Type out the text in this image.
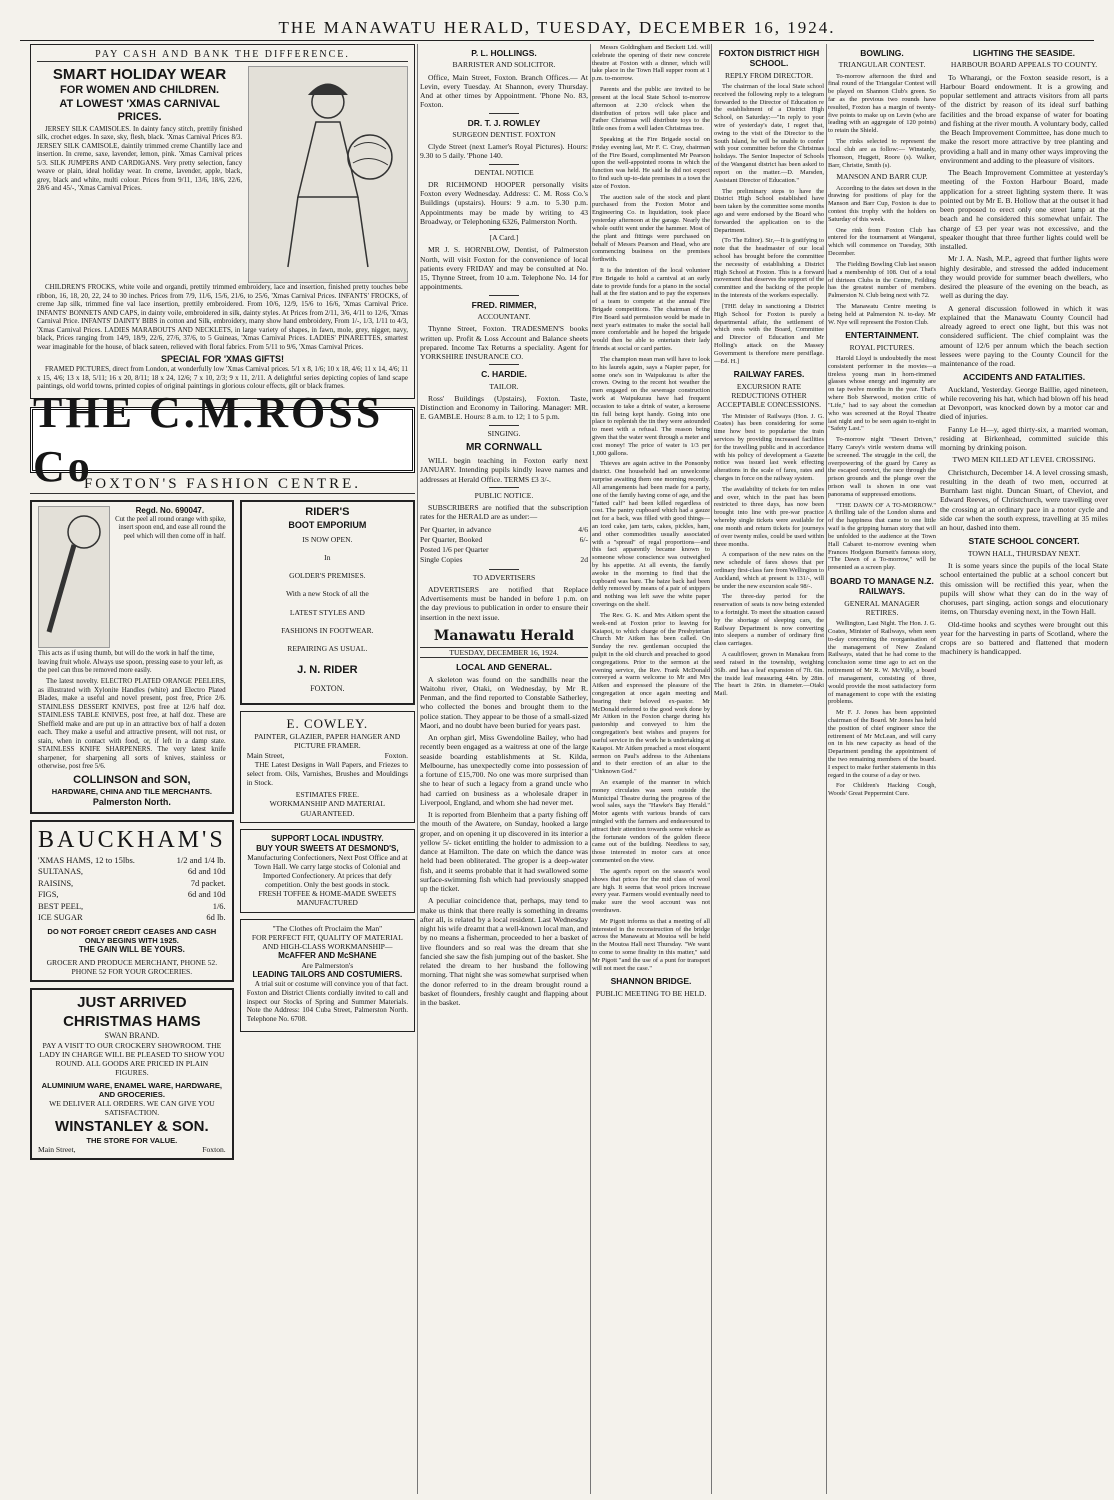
THE MANAWATU HERALD, TUESDAY, DECEMBER 16, 1924.
PAY CASH AND BANK THE DIFFERENCE.
SMART HOLIDAY WEAR
FOR WOMEN AND CHILDREN.
AT LOWEST 'XMAS CARNIVAL PRICES.

JERSEY SILK CAMISOLES. In dainty fancy stitch, prettily finished silk, crochet edges. In saxe, sky, flesh, black. 'Xmas Carnival Prices 8/3. JERSEY SILK CAMISOLE, daintily trimmed creme Chantilly lace and insertion. In creme, saxe, lavender, lemon, pink. 'Xmas Carnival prices 5/3. SILK JUMPERS AND CARDIGANS. Very pretty selection, fancy weave or plain, ideal holiday wear. In creme, lavender, apple, black, grey, black and white, multi colour. Prices from 9/11, 13/6, 18/6, 22/6, 28/6 and 45/-, 'Xmas Carnival Prices.

CHILDREN'S FROCKS, white voile and organdi, prettily trimmed embroidery, lace and insertion, finished pretty touches bebe ribbon, 16, 18, 20, 22, 24 to 30 inches. Prices from 7/9, 11/6, 15/6, 21/6, to 25/6, 'Xmas Carnival Prices. INFANTS' FROCKS, of creme Jap silk, trimmed fine val lace insertion, prettily embroidered. From 10/6, 12/9, 15/6 to 16/6, 'Xmas Carnival Price. INFANTS' BONNETS AND CAPS, in dainty voile, embroidered in silk, dainty styles. At Prices from 2/11, 3/6, 4/11 to 12/6, 'Xmas Carnival Price. INFANTS' DAINTY BIBS in cotton and Silk, embroidery, many show hand embroidery, From 1/-, 1/3, 1/11 to 4/3, 'Xmas Carnival Prices. LADIES MARABOUTS AND NECKLETS, in large variety of shapes, in fawn, mole, grey, nigger, navy, black, Prices ranging from 14/9, 18/9, 22/6, 27/6, 37/6, to 5 Guineas, 'Xmas Carnival Prices. LADIES' PINARETTES, smartest wear imaginable for the house, of black sateen, relieved with floral fabrics. From 5/11 to 9/6, 'Xmas Carnival Prices.

SPECIAL FOR 'XMAS GIFTS!

FRAMED PICTURES, direct from London, at wonderfully low 'Xmas Carnival prices. 5/1 x 8, 1/6; 10 x 18, 4/6; 11 x 14, 4/6; 11 x 15, 4/6; 13 x 18, 5/11; 16 x 20, 8/11; 18 x 24, 12/6; 7 x 10, 2/3; 9 x 11, 2/11. A delightful series depicting copies of land scape paintings, old world towns, printed copies of original paintings in glorious colour effects, gilt or black frames.

THE C.M.ROSS Co
FOXTON'S FASHION CENTRE.
Regd. No. 690047.
Cut the peel all round orange with spike, insert spoon end, and ease all round the peel which will then come off in half.
This acts as if using thumb, but will do the work in half the time, leaving fruit whole. Always use spoon, pressing ease to your left, as the peel can thus be removed more easily.

The latest novelty. ELECTRO PLATED ORANGE PEELERS, as illustrated with Xylonite Handles (white) and Electro Plated Blades, make a useful and novel present, post free, Price 2/6. STAINLESS DESSERT KNIVES, post free at 12/6 half doz. STAINLESS TABLE KNIVES, post free, at half doz. These are Sheffield make and are put up in an attractive box of half a dozen each. They make a useful and attractive present, will not rust, or stain, when in contact with food, or, if left in a damp state. STAINLESS KNIFE SHARPENERS. The very latest knife sharpener, for sharpening all sorts of knives, stainless or otherwise, post free 5/6.

COLLINSON and SON,
HARDWARE, CHINA AND TILE MERCHANTS.
Palmerston North.
BAUCKHAM'S
'XMAS HAMS, 12 to 15lbs.	1/2 and 1/4 lb.
SULTANAS,	6d and 10d
RAISINS,	7d packet.
FIGS,	6d and 10d
BEST PEEL,	1/6.
ICE SUGAR	6d lb.
DO NOT FORGET CREDIT CEASES AND CASH ONLY BEGINS WITH 1925.
THE GAIN WILL BE YOURS.
GROCER AND PRODUCE MERCHANT, PHONE 52. PHONE 52 FOR YOUR GROCERIES.
JUST ARRIVED
CHRISTMAS HAMS
SWAN BRAND.
PAY A VISIT TO OUR CROCKERY SHOWROOM. THE LADY IN CHARGE WILL BE PLEASED TO SHOW YOU ROUND. ALL GOODS ARE PRICED IN PLAIN FIGURES.
ALUMINIUM WARE, ENAMEL WARE, HARDWARE, AND GROCERIES.
WE DELIVER ALL ORDERS. WE CAN GIVE YOU SATISFACTION.
WINSTANLEY & SON.
THE STORE FOR VALUE.
Main Street,	Foxton.
RIDER'S
BOOT EMPORIUM
IS NOW OPEN.
In
GOLDER'S PREMISES.
With a new Stock of all the
LATEST STYLES AND
FASHIONS IN FOOTWEAR.
REPAIRING AS USUAL.
J. N. RIDER
FOXTON.
E. COWLEY.
PAINTER, GLAZIER, PAPER HANGER AND PICTURE FRAMER.
Main Street,	Foxton.

THE Latest Designs in Wall Papers, and Friezes to select from. Oils, Varnishes, Brushes and Mouldings in Stock.

ESTIMATES FREE.
WORKMANSHIP AND MATERIAL GUARANTEED.
SUPPORT LOCAL INDUSTRY.
BUY YOUR SWEETS AT DESMOND'S,
Manufacturing Confectioners, Next Post Office and at Town Hall. We carry large stocks of Colonial and Imported Confectionery. At prices that defy competition. Only the best goods in stock.
FRESH TOFFEE & HOME-MADE SWEETS MANUFACTURED
"The Clothes oft Proclaim the Man"
FOR PERFECT FIT, QUALITY OF MATERIAL AND HIGH-CLASS WORKMANSHIP—
McAFFER AND McSHANE
Are Palmerston's
LEADING TAILORS AND COSTUMIERS.

A trial suit or costume will convince you of that fact. Foxton and District Clients cordially invited to call and inspect our Stocks of Spring and Summer Materials. Note the Address: 104 Cuba Street, Palmerston North. Telephone No. 6708.

P. L. HOLLINGS.
BARRISTER AND SOLICITOR.

Office, Main Street, Foxton. Branch Offices.— At Levin, every Tuesday. At Shannon, every Thursday. And at other times by Appointment. 'Phone No. 83, Foxton.

DR. T. J. ROWLEY
SURGEON DENTIST. FOXTON

Clyde Street (next Lamer's Royal Pictures). Hours: 9.30 to 5 daily. 'Phone 140.

DENTAL NOTICE

DR RICHMOND HOOPER personally visits Foxton every Wednesday. Address: C. M. Ross Co.'s Buildings (upstairs). Hours: 9 a.m. to 5.30 p.m. Appointments may be made by writing to 43 Broadway, or Telephoning 6326, Palmerston North.

[A Card.]

MR J. S. HORNBLOW, Dentist, of Palmerston North, will visit Foxton for the convenience of local patients every FRIDAY and may be consulted at No. 15, Thynne Street, from 10 a.m. Telephone No. 14 for appointments.

FRED. RIMMER,
ACCOUNTANT.

Thynne Street, Foxton. TRADESMEN'S books written up. Profit & Loss Account and Balance sheets prepared. Income Tax Returns a speciality. Agent for YORKSHIRE INSURANCE CO.

C. HARDIE.
TAILOR.

Ross' Buildings (Upstairs), Foxton. Taste, Distinction and Economy in Tailoring. Manager: MR. E. GAMBLE. Hours: 8 a.m. to 12; 1 to 5 p.m.

SINGING.
MR CORNWALL

WILL begin teaching in Foxton early next JANUARY. Intending pupils kindly leave names and addresses at Herald Office. TERMS £3 3/-.

PUBLIC NOTICE.

SUBSCRIBERS are notified that the subscription rates for the HERALD are as under:—

Per Quarter, in advance	4/6
Per Quarter, Booked	6/-
Posted 1/6 per Quarter
Single Copies	2d
TO ADVERTISERS

ADVERTISERS are notified that Replace Advertisements must be handed in before 1 p.m. on the day previous to publication in order to ensure their insertion in the next issue.

Manawatu Herald
TUESDAY, DECEMBER 16, 1924.
LOCAL AND GENERAL.

A skeleton was found on the sandhills near the Waitohu river, Otaki, on Wednesday, by Mr R. Penman, and the find reported to Constable Satherley, who collected the bones and brought them to the police station. They appear to be those of a small-sized Maori, and no doubt have been buried for years past.

An orphan girl, Miss Gwendoline Bailey, who had recently been engaged as a waitress at one of the large seaside boarding establishments at St. Kilda, Melbourne, has unexpectedly come into possession of a fortune of £15,700. No one was more surprised than she to hear of such a legacy from a grand uncle who had carried on business as a wholesale draper in Liverpool, England, and whom she had never met.

It is reported from Blenheim that a party fishing off the mouth of the Awatere, on Sunday, hooked a large groper, and on opening it up discovered in its interior a yellow 5/- ticket entitling the holder to admission to a dance at Hamilton. The date on which the dance was held had been obliterated. The groper is a deep-water fish, and it seems probable that it had swallowed some surface-swimming fish which had previously snapped up the ticket.

A peculiar coincidence that, perhaps, may tend to make us think that there really is something in dreams after all, is related by a local resident. Last Wednesday night his wife dreamt that a well-known local man, and by no means a fisherman, proceeded to her a basket of live flounders and so real was the dream that she fancied she saw the fish jumping out of the basket. She related the dream to her husband the following morning. That night she was somewhat surprised when the donor referred to in the dream brought round a basket of flounders, freshly caught and flapping about in the basket.

LIGHTING THE SEASIDE.
HARBOUR BOARD APPEALS TO COUNTY.

To Wharangi, or the Foxton seaside resort, is a Harbour Board endowment. It is a growing and popular settlement and attracts visitors from all parts of the district by reason of its ideal surf bathing facilities and the broad expanse of water for boating and fishing at the river mouth. A voluntary body, called the Beach Improvement Committee, has done much to make the resort more attractive by tree planting and providing a hall and in many other ways improving the environment and adding to the pleasure of visitors.

The Beach Improvement Committee at yesterday's meeting of the Foxton Harbour Board, made application for a street lighting system there. It was pointed out by Mr E. B. Hollow that at the outset it had been proposed to erect only one street lamp at the beach and he considered this somewhat unfair. The charge of £3 per year was not excessive, and the speaker thought that three further lights could well be installed.

Mr J. A. Nash, M.P., agreed that further lights were highly desirable, and stressed the added inducement they would provide for summer beach dwellers, who desired the pleasure of the evening on the beach, as well as during the day.

A general discussion followed in which it was explained that the Manawatu County Council had already agreed to erect one light, but this was not considered sufficient. The chief complaint was the amount of 12/6 per annum which the beach section lessees were paying to the County Council for the maintenance of the road.

ACCIDENTS AND FATALITIES.

Auckland, Yesterday. George Baillie, aged nineteen, while recovering his hat, which had blown off his head at Devonport, was knocked down by a motor car and died of injuries.

Fanny Le H—y, aged thirty-six, a married woman, residing at Birkenhead, committed suicide this morning by drinking poison.

TWO MEN KILLED AT LEVEL CROSSING.

Christchurch, December 14. A level crossing smash, resulting in the death of two men, occurred at Burnham last night. Duncan Stuart, of Cheviot, and Edward Reeves, of Christchurch, were travelling over the crossing at an ordinary pace in a motor cycle and side car when the south express, travelling at 35 miles an hour, dashed into them.

STATE SCHOOL CONCERT.
TOWN HALL, THURSDAY NEXT.

It is some years since the pupils of the local State school entertained the public at a school concert but this omission will be rectified this year, when the pupils will show what they can do in the way of choruses, part singing, action songs and elocutionary items, on Thursday evening next, in the Town Hall.

Old-time hooks and scythes were brought out this year for the harvesting in parts of Scotland, where the crops are so battered and flattened that modern machinery is handicapped.

Messrs Goldingham and Beckett Ltd. will celebrate the opening of their new concrete theatre at Foxton with a dinner, which will take place in the Town Hall supper room at 1 p.m. to-morrow.

Parents and the public are invited to be present at the local State School to-morrow afternoon at 2.30 o'clock when the distribution of prizes will take place and Father Christmas will distribute toys to the little ones from a well laden Christmas tree.

Speaking at the Fire Brigade social on Friday evening last, Mr F. C. Cray, chairman of the Fire Board, complimented Mr Pearson upon the well-appointed rooms in which the function was held. He said he did not expect to find such up-to-date premises in a town the size of Foxton.

The auction sale of the stock and plant purchased from the Foxton Motor and Engineering Co. in liquidation, took place yesterday afternoon at the garage. Nearly the whole outfit went under the hammer. Most of the plant and fittings were purchased on behalf of Messrs Pearson and Head, who are commencing business on the premises forthwith.

It is the intention of the local volunteer Fire Brigade to hold a carnival at an early date to provide funds for a piano in the social hall at the fire station and to pay the expenses of a team to compete at the annual Fire Brigade competitions. The chairman of the Fire Board said permission would be made in next year's estimates to make the social hall more comfortable and he hoped the brigade would then be able to entertain their lady friends at social or card parties.

The champion mean man will have to look to his laurels again, says a Napier paper, for some one's son in Waipukurau is after the crown. Owing to the recent hot weather the men engaged on the sewerage construction work at Waipukurau have had frequent occasion to take a drink of water, a kerosene tin full being kept handy. Going into one place to replenish the tin they were astounded to meet with a refusal. The reason being given that the water went through a meter and cost money! The price of water is 1/3 per 1,000 gallons.

Thieves are again active in the Ponsonby district. One household had an unwelcome surprise awaiting them one morning recently. All arrangements had been made for a party, one of the family having come of age, and the "fatted calf" had been killed regardless of cost. The pantry cupboard which had a gauze net for a back, was filled with good things—an iced cake, jam tarts, cakes, pickles, ham, and other commodities usually associated with a "spread" of regal proportions—and this fact apparently became known to someone whose conscience was outweighed by his appetite. At all events, the family awoke in the morning to find that the cupboard was bare. The baize back had been deftly removed by means of a pair of snippers and nothing was left save the white paper coverings on the shelf.

The Rev. G. K. and Mrs Aitken spent the week-end at Foxton prior to leaving for Kaiapoi, to which charge of the Presbyterian Church Mr Aitken has been called. On Sunday the rev. gentleman occupied the pulpit in the old church and preached to good congregations. Prior to the sermon at the evening service, the Rev. Frank McDonald conveyed a warm welcome to Mr and Mrs Aitken and expressed the pleasure of the congregation at once again meeting and hearing their beloved ex-pastor. Mr McDonald referred to the good work done by Mr Aitken in the Foxton charge during his pastorship and conveyed to him the congregation's best wishes and prayers for useful service in the work he is undertaking at Kaiapoi. Mr Aitken preached a most eloquent sermon on Paul's address to the Athenians and to their erection of an altar to the "Unknown God."

An example of the manner in which money circulates was seen outside the Municipal Theatre during the progress of the wool sales, says the "Hawke's Bay Herald." Motor agents with various brands of cars mingled with the farmers and endeavoured to attract their attention towards some vehicle as the fortunate vendors of the golden fleece came out of the building. Needless to say, those interested in motor cars at once commented on the view.

The agent's report on the season's wool shows that prices for the mid class of wool are high. It seems that wool prices increase every year. Farmers would eventually need to make sure the wool account was not overdrawn.

Mr Pigott informs us that a meeting of all interested in the reconstruction of the bridge across the Manawatu at Moutoa will be held in the Moutoa Hall next Thursday. "We want to come to some finality in this matter," said Mr Pigott "and the use of a punt for transport will not meet the case."

SHANNON BRIDGE.
PUBLIC MEETING TO BE HELD.
FOXTON DISTRICT HIGH SCHOOL.
REPLY FROM DIRECTOR.

The chairman of the local State school received the following reply to a telegram forwarded to the Director of Education re the establishment of a District High School, on Saturday:—"In reply to your wire of yesterday's date, I regret that, owing to the visit of the Director to the South Island, he will be unable to confer with your committee before the Christmas holidays. The Senior Inspector of Schools of the Wanganui district has been asked to report on the matter.—D. Marsden, Assistant Director of Education."

The preliminary steps to have the District High School established have been taken by the committee some months ago and were endorsed by the Board who forwarded the application on to the Department.

(To The Editor). Sir,—It is gratifying to note that the headmaster of our local school has brought before the committee the necessity of establishing a District High School at Foxton. This is a forward movement that deserves the support of the committee and the backing of the people in the interests of the workers especially.

[THE delay in sanctioning a District High School for Foxton is purely a departmental affair, the settlement of which rests with the Board, Committee and Director of Education and Mr Holling's attack on the Massey Government is therefore mere persiflage.—Ed. H.]

RAILWAY FARES.
EXCURSION RATE REDUCTIONS OTHER ACCEPTABLE CONCESSIONS.

The Minister of Railways (Hon. J. G. Coates) has been considering for some time how best to popularise the train services by providing increased facilities for the travelling public and in accordance with his policy of development a Gazette notice was issued last week effecting alterations in the scale of fares, rates and charges in force on the railway system.

The availability of tickets for ten miles and over, which in the past has been restricted to three days, has now been brought into line with pre-war practice whereby single tickets were available for one month and return tickets for journeys of over twenty miles, could be used within three months.

A comparison of the new rates on the new schedule of fares shows that per ordinary first-class fare from Wellington to Auckland, which at present is 131/-, will be under the new excursion scale 98/-.

The three-day period for the reservation of seats is now being extended to a fortnight. To meet the situation caused by the shortage of sleeping cars, the Railway Department is now converting into sleepers a number of ordinary first class carriages.

A cauliflower, grown in Manakau from seed raised in the township, weighing 36lb. and has a leaf expansion of 7ft. 6in. the inside leaf measuring 44in. by 28in. The heart is 26in. in diameter.—Otaki Mail.

BOWLING.
TRIANGULAR CONTEST.

To-morrow afternoon the third and final round of the Triangular Contest will be played on Shannon Club's green. So far as the previous two rounds have resulted, Foxton has a margin of twenty-five points to make up on Levin (who are leading with an aggregate of 120 points) to retain the Shield.

The rinks selected to represent the local club are as follow:— Winstanly, Thomson, Huggett, Roore (s). Walker, Barr, Christie, Smith (s).

MANSON AND BARR CUP.

According to the dates set down in the drawing for positions of play for the Manson and Barr Cup, Foxton is due to contest this trophy with the holders on Saturday of this week.

One rink from Foxton Club has entered for the tournament at Wanganui, which will commence on Tuesday, 30th December.

The Fielding Bowling Club last season had a membership of 108. Out of a total of thirteen Clubs in the Centre, Feilding has the greatest number of members. Palmerston N. Club being next with 72.

The Manawatu Centre meeting is being held at Palmerston N. to-day. Mr W. Nye will represent the Foxton Club.

ENTERTAINMENT.
ROYAL PICTURES.

Harold Lloyd is undoubtedly the most consistent performer in the movies—a tireless young man in horn-rimmed glasses whose energy and ingenuity are on tap twelve months in the year. That's where Bob Sherwood, motion critic of "Life," had to say about the comedian who was screened at the Royal Theatre last night and to be seen again to-night in "Safety Last."

To-morrow night "Desert Driven," Harry Carey's virile western drama will be screened. The struggle in the cell, the overpowering of the guard by Carey as the escaped convict, the race through the prison grounds and the plunge over the prison wall is shown in one vast panorama of suppressed emotions.

"THE DAWN OF A TO-MORROW." A thrilling tale of the London slums and of the happiness that came to one little waif is the gripping human story that will be unfolded to the audience at the Town Hall Cabaret to-morrow evening when Frances Hodgson Burnett's famous story, "The Dawn of a To-morrow," will be presented as a screen play.

BOARD TO MANAGE N.Z. RAILWAYS.
GENERAL MANAGER RETIRES.

Wellington, Last Night. The Hon. J. G. Coates, Minister of Railways, when seen to-day concerning the reorganisation of the management of New Zealand Railways, stated that he had come to the conclusion some time ago to act on the retirement of Mr R. W. McVilly, a board of management, consisting of three, would provide the most satisfactory form of management to cope with the existing problems.

Mr F. J. Jones has been appointed chairman of the Board. Mr Jones has held the position of chief engineer since the retirement of Mr McLean, and will carry on in his new capacity as head of the Department pending the appointment of the two remaining members of the board. I expect to make further statements in this regard in the course of a day or two.

For Children's Hacking Cough, Woods' Great Peppermint Cure.
